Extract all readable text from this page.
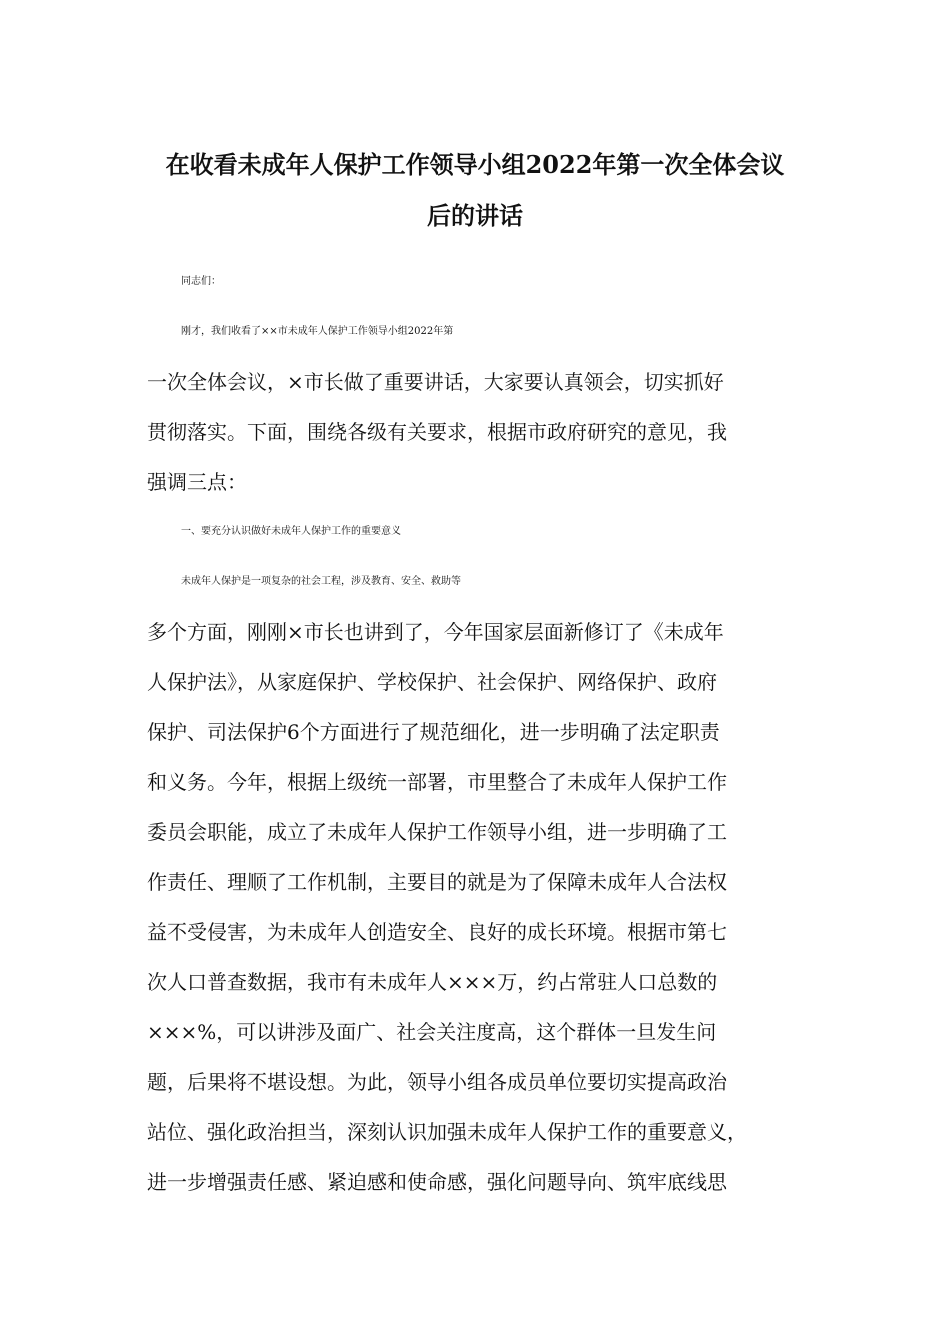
在收看未成年人保护工作领导小组2022年第一次全体会议
后的讲话

同志们：

刚才，我们收看了××市未成年人保护工作领导小组2022年第

一次全体会议，×市长做了重要讲话，大家要认真领会，切实抓好

贯彻落实。下面，围绕各级有关要求，根据市政府研究的意见，我

强调三点：

一、要充分认识做好未成年人保护工作的重要意义

未成年人保护是一项复杂的社会工程，涉及教育、安全、救助等

多个方面，刚刚×市长也讲到了，今年国家层面新修订了《未成年

人保护法》，从家庭保护、学校保护、社会保护、网络保护、政府

保护、司法保护6个方面进行了规范细化，进一步明确了法定职责

和义务。今年，根据上级统一部署，市里整合了未成年人保护工作

委员会职能，成立了未成年人保护工作领导小组，进一步明确了工

作责任、理顺了工作机制，主要目的就是为了保障未成年人合法权

益不受侵害，为未成年人创造安全、良好的成长环境。根据市第七

次人口普查数据，我市有未成年人×××万，约占常驻人口总数的

×××%，可以讲涉及面广、社会关注度高，这个群体一旦发生问

题，后果将不堪设想。为此，领导小组各成员单位要切实提高政治

站位、强化政治担当，深刻认识加强未成年人保护工作的重要意义，

进一步增强责任感、紧迫感和使命感，强化问题导向、筑牢底线思
